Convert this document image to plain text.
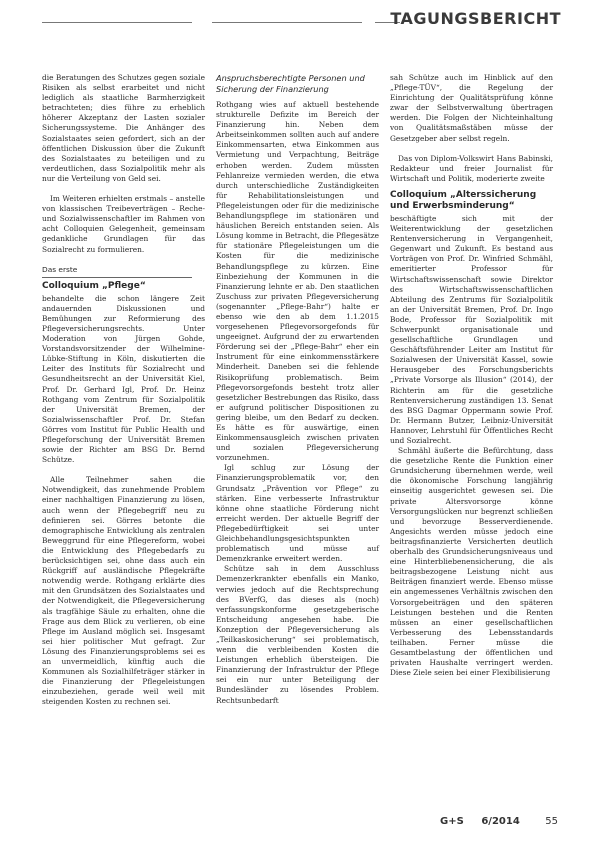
TAGUNGSBERICHT

die Beratungen des Schutzes gegen soziale Risiken als selbst erarbeitet und nicht lediglich als staatliche Barmherzigkeit betrachteten; dies führe zu erheblich höherer Akzeptanz der Lasten sozialer Sicherungssysteme. Die Anhänger des Sozialstaates seien gefordert, sich an der öffentlichen Diskussion über die Zukunft des Sozialstaates zu beteiligen und zu verdeutlichen, dass Sozialpolitik mehr als nur die Verteilung von Geld sei.

Im Weiteren erhielten erstmals – anstelle von klassischen Treibeverträgen – Reche- und Sozialwissenschaftler im Rahmen von acht Colloquien Gelegenheit, gemeinsam gedankliche Grundlagen für das Sozialrecht zu formulieren.

Das erste
Colloquium „Pflege“

behandelte die schon längere Zeit andauernden Diskussionen und Bemühungen zur Reformierung des Pflegeversicherungsrechts. Unter Moderation von Jürgen Gohde, Vorstandsvorsitzender der Wilhelmine-Lübke-Stiftung in Köln, diskutierten die Leiter des Instituts für Sozialrecht und Gesundheitsrecht an der Universität Kiel, Prof. Dr. Gerhard Igl, Prof. Dr. Heinz Rothgang vom Zentrum für Sozialpolitik der Universität Bremen, der Sozialwissenschaftler Prof. Dr. Stefan Görres vom Institut für Public Health und Pflegeforschung der Universität Bremen sowie der Richter am BSG Dr. Bernd Schütze.

Alle Teilnehmer sahen die Notwendigkeit, das zunehmende Problem einer nachhaltigen Finanzierung zu lösen, auch wenn der Pflegebegriff neu zu definieren sei. Görres betonte die demographische Entwicklung als zentralen Beweggrund für eine Pflegereform, wobei die Entwicklung des Pflegebedarfs zu berücksichtigen sei, ohne dass auch ein Rückgriff auf ausländische Pflegekräfte notwendig werde. Rothgang erklärte dies mit den Grundsätzen des Sozialstaates und der Notwendigkeit, die Pflegeversicherung als tragfähige Säule zu erhalten, ohne die Frage aus dem Blick zu verlieren, ob eine Pflege im Ausland möglich sei. Insgesamt sei hier politischer Mut gefragt. Zur Lösung des Finanzierungsproblems sei es an unvermeidlich, künftig auch die Kommunen als Sozialhilfeträger stärker in die Finanzierung der Pflegeleistungen einzubeziehen, gerade weil weil mit steigenden Kosten zu rechnen sei.

Anspruchsberechtigte Personen und Sicherung der Finanzierung

Rothgang wies auf aktuell bestehende strukturelle Defizite im Bereich der Finanzierung hin. Neben dem Arbeitseinkommen sollten auch auf andere Einkommensarten, etwa Einkommen aus Vermietung und Verpachtung, Beiträge erhoben werden. Zudem müssten Fehlanreize vermieden werden, die etwa durch unterschiedliche Zuständigkeiten für Rehabilitationsleistungen und Pflegeleistungen oder für die medizinische Behandlungspflege im stationären und häuslichen Bereich entstanden seien. Als Lösung komme in Betracht, die Pflegesätze für stationäre Pflegeleistungen um die Kosten für die medizinische Behandlungspflege zu kürzen. Eine Einbeziehung der Kommunen in die Finanzierung lehnte er ab. Den staatlichen Zuschuss zur privaten Pflegeversicherung (sogenannter „Pflege-Bahr“) halte er ebenso wie den ab dem 1.1.2015 vorgesehenen Pflegevorsorgefonds für ungeeignet. Aufgrund der zu erwartenden Förderung sei der „Pflege-Bahr“ eher ein Instrument für eine einkommensstärkere Minderheit. Daneben sei die fehlende Risikoprüfung problematisch. Beim Pflegevorsorgefonds besteht trotz aller gesetzlicher Bestrebungen das Risiko, dass er aufgrund politischer Dispositionen zu gering bleibe, um den Bedarf zu decken. Es hätte es für auswärtige, einen Einkommensausgleich zwischen privaten und sozialen Pflegeversicherung vorzunehmen.

Igl schlug zur Lösung der Finanzierungsproblematik vor, den Grundsatz „Prävention vor Pflege“ zu stärken. Eine verbesserte Infrastruktur könne ohne staatliche Förderung nicht erreicht werden. Der aktuelle Begriff der Pflegebedürftigkeit sei unter Gleichbehandlungsgesichtspunkten problematisch und müsse auf Demenzkranke erweitert werden.

Schütze sah in dem Ausschluss Demenzerkrankter ebenfalls ein Manko, verwies jedoch auf die Rechtsprechung des BVerfG, das dieses als (noch) verfassungskonforme gesetzgeberische Entscheidung angesehen habe. Die Konzeption der Pflegeversicherung als „Teilkaskosicherung“ sei problematisch, wenn die verbleibenden Kosten die Leistungen erheblich übersteigen. Die Finanzierung der Infrastruktur der Pflege sei ein nur unter Beteiligung der Bundesländer zu lösendes Problem. Rechtsunbedarft

sah Schütze auch im Hinblick auf den „Pflege-TÜV“, die Regelung der Einrichtung der Qualitätsprüfung könne zwar der Selbstverwaltung übertragen werden. Die Folgen der Nichteinhaltung von Qualitätsmaßstäben müsse der Gesetzgeber aber selbst regeln.

Das von Diplom-Volkswirt Hans Babinski, Redakteur und freier Journalist für Wirtschaft und Politik, moderierte zweite

Colloquium „Alterssicherung und Erwerbsminderung“

beschäftigte sich mit der Weiterentwicklung der gesetzlichen Rentenversicherung in Vergangenheit, Gegenwart und Zukunft. Es bestand aus Vorträgen von Prof. Dr. Winfried Schmähl, emeritierter Professor für Wirtschaftswissenschaft sowie Direktor des Wirtschaftswissenschaftlichen Abteilung des Zentrums für Sozialpolitik an der Universität Bremen, Prof. Dr. Ingo Bode, Professor für Sozialpolitik mit Schwerpunkt organisationale und gesellschaftliche Grundlagen und Geschäftsführender Leiter am Institut für Sozialwesen der Universität Kassel, sowie Herausgeber des Forschungsberichts „Private Vorsorge als Illusion“ (2014), der Richterin am für die gesetzliche Rentenversicherung zuständigen 13. Senat des BSG Dagmar Oppermann sowie Prof. Dr. Hermann Butzer, Leibniz-Universität Hannover, Lehrstuhl für Öffentliches Recht und Sozialrecht.

Schmähl äußerte die Befürchtung, dass die gesetzliche Rente die Funktion einer Grundsicherung übernehmen werde, weil die ökonomische Forschung langjährig einseitig ausgerichtet gewesen sei. Die private Altersvorsorge könne Versorgungslücken nur begrenzt schließen und bevorzuge Besserverdienende. Angesichts werden müsse jedoch eine beitragsfinanzierte Versicherten deutlich oberhalb des Grundsicherungsniveaus und eine Hinterbliebenensicherung, die als beitragsbezogene Leistung nicht aus Beiträgen finanziert werde. Ebenso müsse ein angemessenes Verhältnis zwischen den Vorsorgebeiträgen und den späteren Leistungen bestehen und die Renten müssen an einer gesellschaftlichen Verbesserung des Lebensstandards teilhaben. Ferner müsse die Gesamtbelastung der öffentlichen und privaten Haushalte verringert werden. Diese Ziele seien bei einer Flexibilisierung

G+S 6/2014	55
